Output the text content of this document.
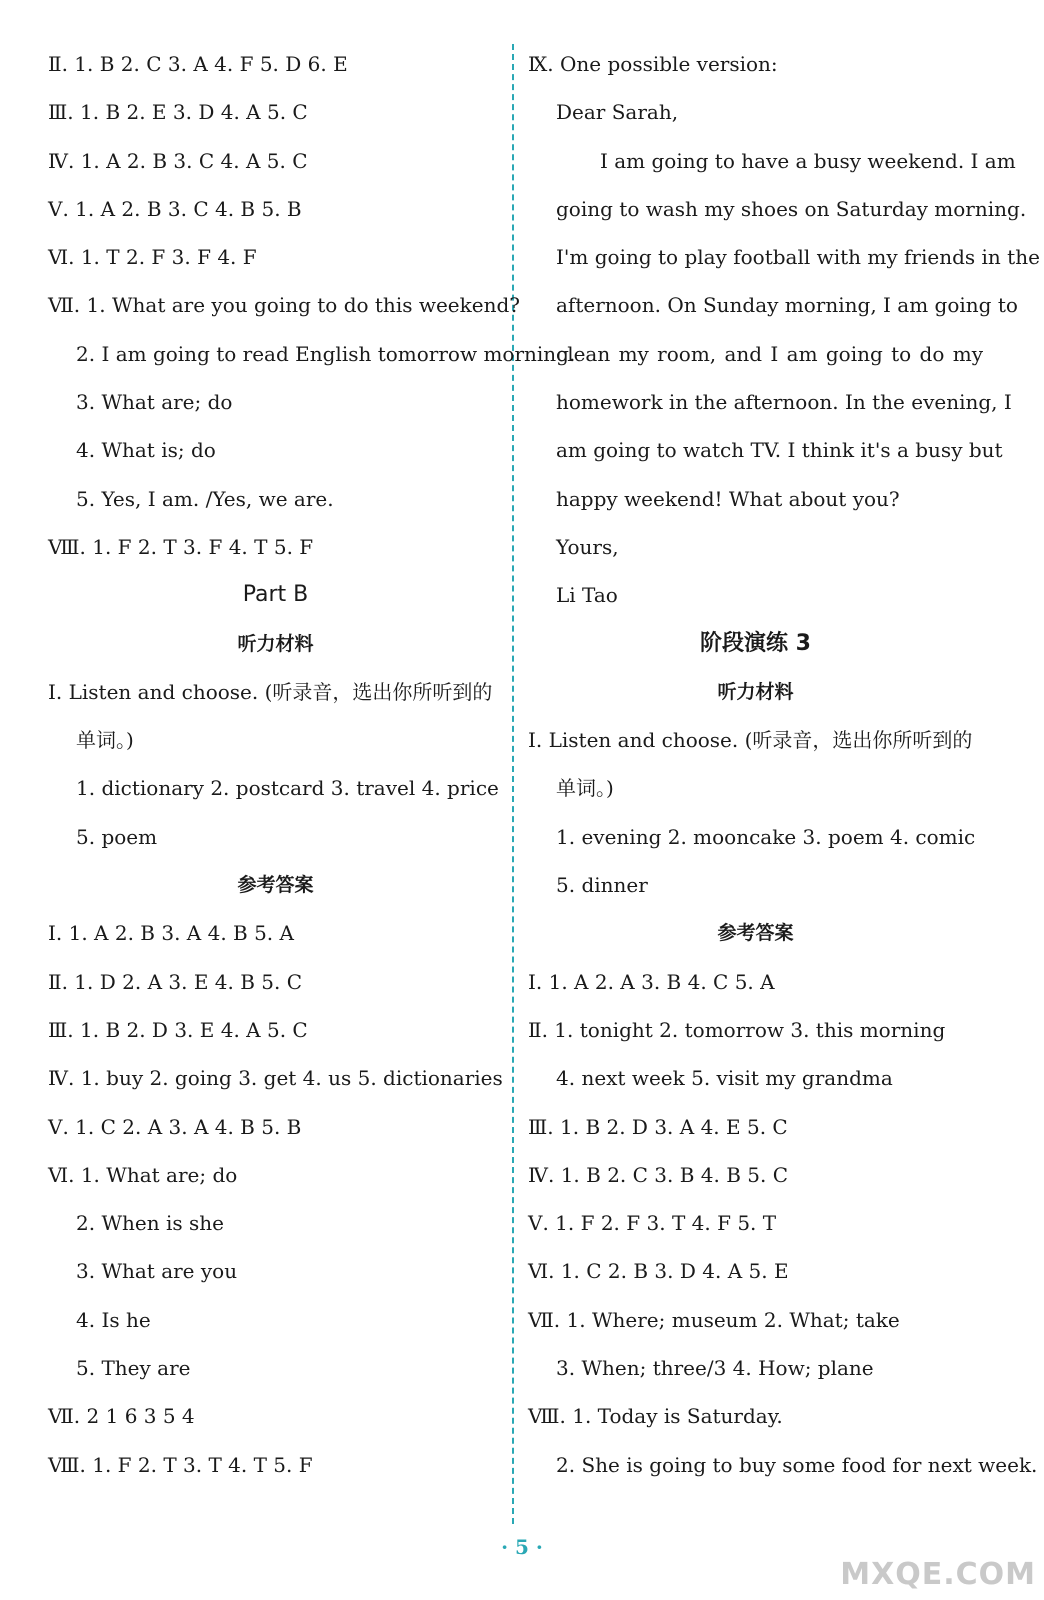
Ⅱ. 1. B 2. C 3. A 4. F 5. D 6. E
Ⅲ. 1. B 2. E 3. D 4. A 5. C
Ⅳ. 1. A 2. B 3. C 4. A 5. C
Ⅴ. 1. A 2. B 3. C 4. B 5. B
Ⅵ. 1. T 2. F 3. F 4. F
Ⅶ. 1. What are you going to do this weekend?
2. I am going to read English tomorrow morning.
3. What are; do
4. What is; do
5. Yes, I am. /Yes, we are.
Ⅷ. 1. F 2. T 3. F 4. T 5. F
Part B
听力材料
Ⅰ. Listen and choose. (听录音，选出你所听到的
单词。)
1. dictionary 2. postcard 3. travel 4. price
5. poem
参考答案
Ⅰ. 1. A 2. B 3. A 4. B 5. A
Ⅱ. 1. D 2. A 3. E 4. B 5. C
Ⅲ. 1. B 2. D 3. E 4. A 5. C
Ⅳ. 1. buy 2. going 3. get 4. us 5. dictionaries
Ⅴ. 1. C 2. A 3. A 4. B 5. B
Ⅵ. 1. What are; do
2. When is she
3. What are you
4. Is he
5. They are
Ⅶ. 2 1 6 3 5 4
Ⅷ. 1. F 2. T 3. T 4. T 5. F
Ⅸ. One possible version:
Dear Sarah,
I am going to have a busy weekend. I am
going to wash my shoes on Saturday morning.
I'm going to play football with my friends in the
afternoon. On Sunday morning, I am going to
clean my room, and I am going to do my
homework in the afternoon. In the evening, I
am going to watch TV. I think it's a busy but
happy weekend! What about you?
Yours,
Li Tao
阶段演练 3
听力材料
Ⅰ. Listen and choose. (听录音，选出你所听到的
单词。)
1. evening 2. mooncake 3. poem 4. comic
5. dinner
参考答案
Ⅰ. 1. A 2. A 3. B 4. C 5. A
Ⅱ. 1. tonight 2. tomorrow 3. this morning
4. next week 5. visit my grandma
Ⅲ. 1. B 2. D 3. A 4. E 5. C
Ⅳ. 1. B 2. C 3. B 4. B 5. C
Ⅴ. 1. F 2. F 3. T 4. F 5. T
Ⅵ. 1. C 2. B 3. D 4. A 5. E
Ⅶ. 1. Where; museum 2. What; take
3. When; three/3 4. How; plane
Ⅷ. 1. Today is Saturday.
2. She is going to buy some food for next week.
· 5 ·
MXQE.COM
